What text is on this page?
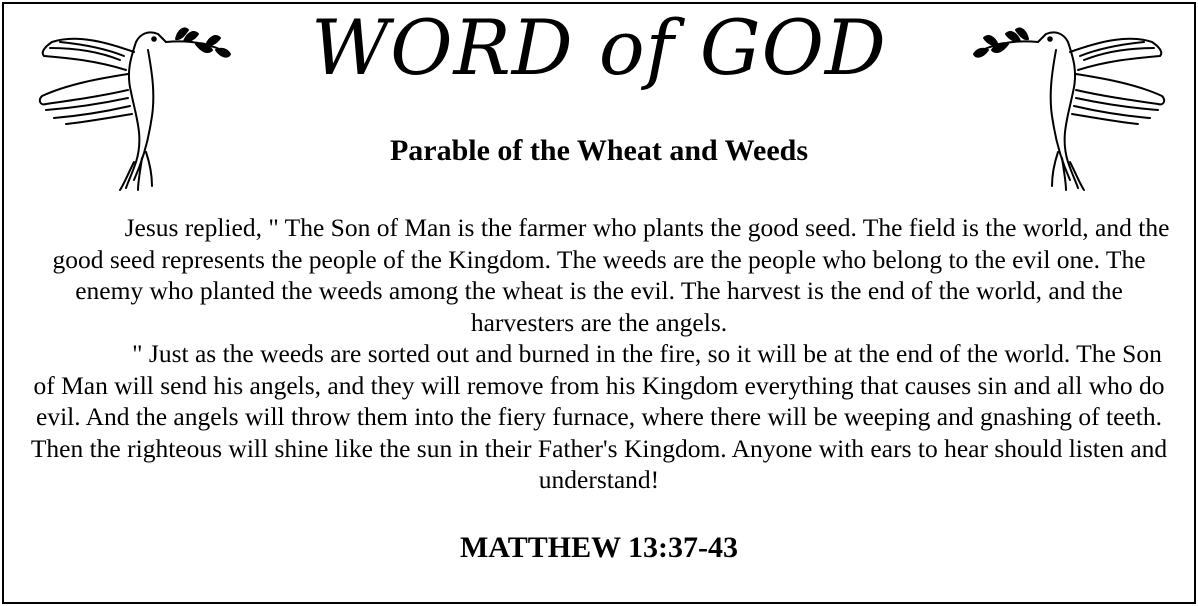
WORD of GOD
Parable of the Wheat and Weeds

Jesus replied, " The Son of Man is the farmer who plants the good seed. The field is the world, and the good seed represents the people of the Kingdom. The weeds are the people who belong to the evil one. The enemy who planted the weeds among the wheat is the evil. The harvest is the end of the world, and the harvesters are the angels.

" Just as the weeds are sorted out and burned in the fire, so it will be at the end of the world. The Son of Man will send his angels, and they will remove from his Kingdom everything that causes sin and all who do evil. And the angels will throw them into the fiery furnace, where there will be weeping and gnashing of teeth. Then the righteous will shine like the sun in their Father's Kingdom. Anyone with ears to hear should listen and understand!

MATTHEW 13:37-43
